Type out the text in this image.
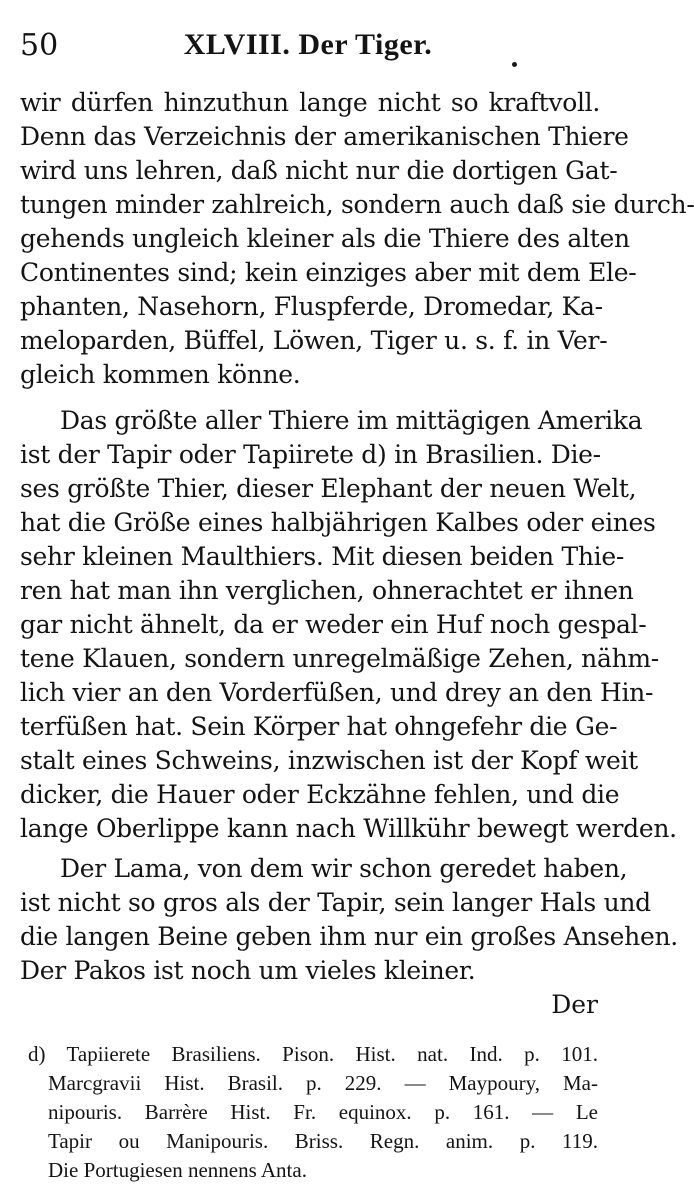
50	XLVIII. Der Tiger.
wir dürfen hinzuthun lange nicht so kraftvoll.
Denn das Verzeichnis der amerikanischen Thiere
wird uns lehren, daß nicht nur die dortigen Gat-
tungen minder zahlreich, sondern auch daß sie durch-
gehends ungleich kleiner als die Thiere des alten
Continentes sind; kein einziges aber mit dem Ele-
phanten, Nasehorn, Fluspferde, Dromedar, Ka-
meloparden, Büffel, Löwen, Tiger u. s. f. in Ver-
gleich kommen könne.
Das größte aller Thiere im mittägigen Amerika
ist der Tapir oder Tapiirete d) in Brasilien. Die-
ses größte Thier, dieser Elephant der neuen Welt,
hat die Größe eines halbjährigen Kalbes oder eines
sehr kleinen Maulthiers. Mit diesen beiden Thie-
ren hat man ihn verglichen, ohnerachtet er ihnen
gar nicht ähnelt, da er weder ein Huf noch gespal-
tene Klauen, sondern unregelmäßige Zehen, nähm-
lich vier an den Vorderfüßen, und drey an den Hin-
terfüßen hat. Sein Körper hat ohngefehr die Ge-
stalt eines Schweins, inzwischen ist der Kopf weit
dicker, die Hauer oder Eckzähne fehlen, und die
lange Oberlippe kann nach Willkühr bewegt werden.
Der Lama, von dem wir schon geredet haben,
ist nicht so gros als der Tapir, sein langer Hals und
die langen Beine geben ihm nur ein großes Ansehen.
Der Pakos ist noch um vieles kleiner.
Der
d) Tapiierete Brasiliens. Pison. Hist. nat. Ind. p. 101.
Marcgravii Hist. Brasil. p. 229. — Maypoury, Ma-
nipouris. Barrère Hist. Fr. equinox. p. 161. — Le
Tapir ou Manipouris. Briss. Regn. anim. p. 119.
Die Portugiesen nennens Anta.
